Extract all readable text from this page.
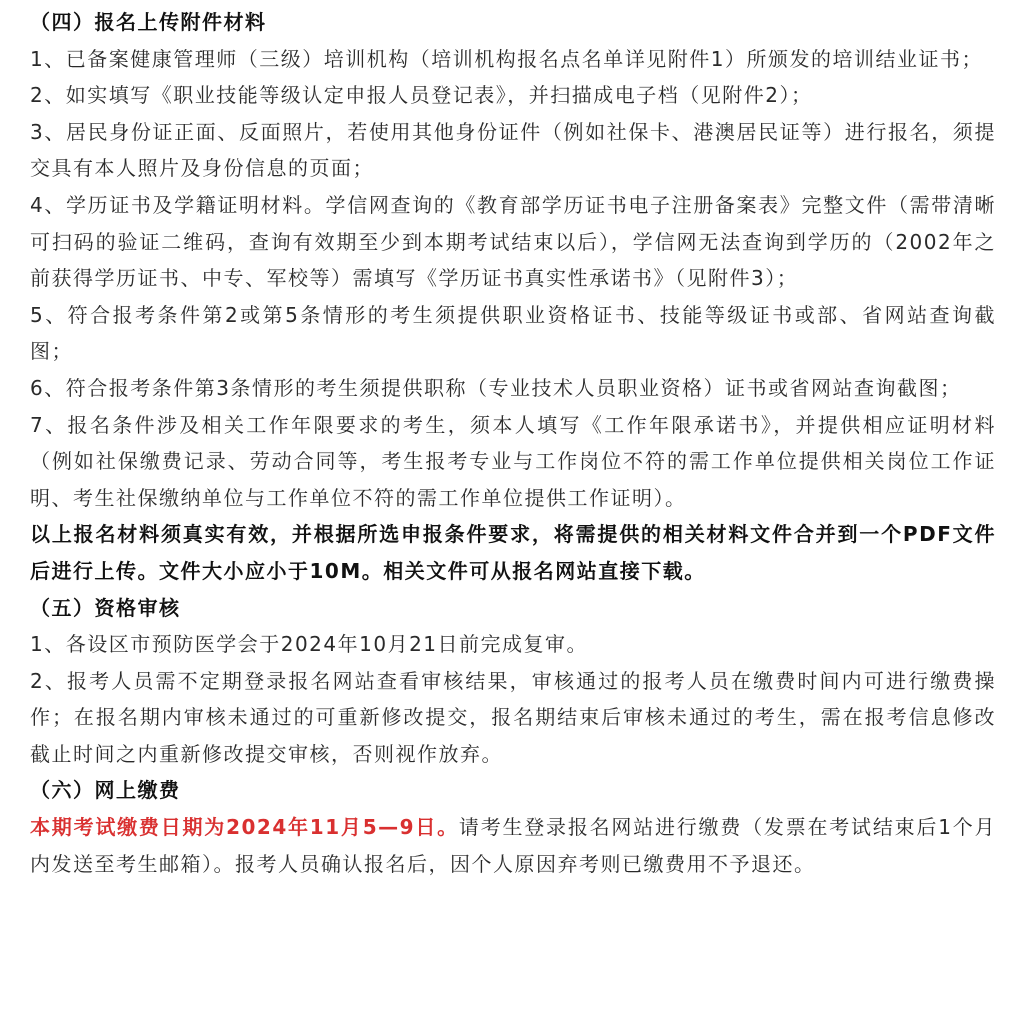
（四）报名上传附件材料

1、已备案健康管理师（三级）培训机构（培训机构报名点名单详见附件1）所颁发的培训结业证书；

2、如实填写《职业技能等级认定申报人员登记表》，并扫描成电子档（见附件2）；

3、居民身份证正面、反面照片，若使用其他身份证件（例如社保卡、港澳居民证等）进行报名，须提交具有本人照片及身份信息的页面；

4、学历证书及学籍证明材料。学信网查询的《教育部学历证书电子注册备案表》完整文件（需带清晰可扫码的验证二维码，查询有效期至少到本期考试结束以后），学信网无法查询到学历的（2002年之前获得学历证书、中专、军校等）需填写《学历证书真实性承诺书》（见附件3）；

5、符合报考条件第2或第5条情形的考生须提供职业资格证书、技能等级证书或部、省网站查询截图；

6、符合报考条件第3条情形的考生须提供职称（专业技术人员职业资格）证书或省网站查询截图；

7、报名条件涉及相关工作年限要求的考生，须本人填写《工作年限承诺书》，并提供相应证明材料（例如社保缴费记录、劳动合同等，考生报考专业与工作岗位不符的需工作单位提供相关岗位工作证明、考生社保缴纳单位与工作单位不符的需工作单位提供工作证明）。

以上报名材料须真实有效，并根据所选申报条件要求，将需提供的相关材料文件合并到一个PDF文件后进行上传。文件大小应小于10M。相关文件可从报名网站直接下载。

（五）资格审核

1、各设区市预防医学会于2024年10月21日前完成复审。

2、报考人员需不定期登录报名网站查看审核结果，审核通过的报考人员在缴费时间内可进行缴费操作；在报名期内审核未通过的可重新修改提交，报名期结束后审核未通过的考生，需在报考信息修改截止时间之内重新修改提交审核，否则视作放弃。

（六）网上缴费

本期考试缴费日期为2024年11月5—9日。请考生登录报名网站进行缴费（发票在考试结束后1个月内发送至考生邮箱）。报考人员确认报名后，因个人原因弃考则已缴费用不予退还。
